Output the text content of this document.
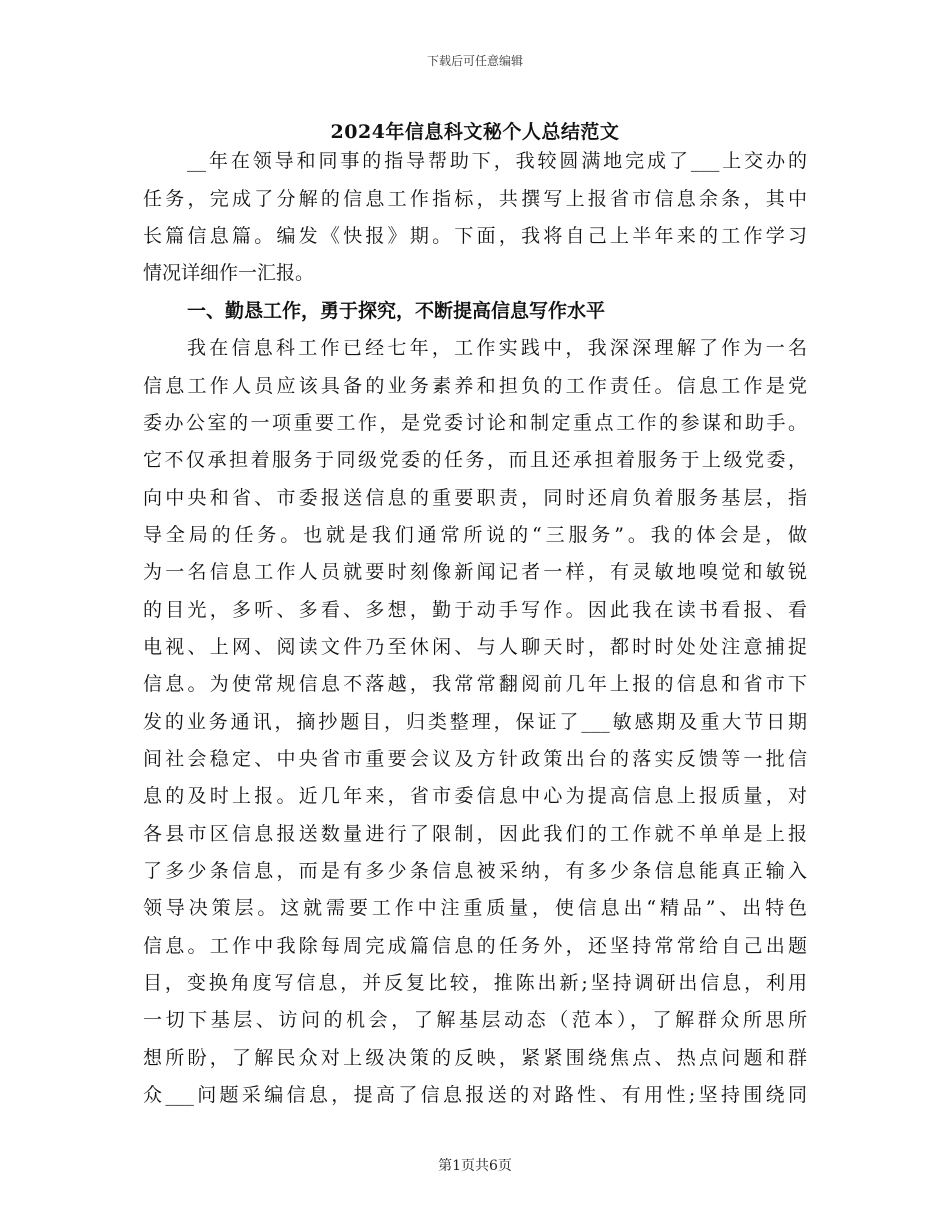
下载后可任意编辑
2024年信息科文秘个人总结范文
__年在领导和同事的指导帮助下，我较圆满地完成了___上交办的
任务，完成了分解的信息工作指标，共撰写上报省市信息余条，其中
长篇信息篇。编发《快报》期。下面，我将自己上半年来的工作学习
情况详细作一汇报。
一、勤恳工作，勇于探究，不断提高信息写作水平
我在信息科工作已经七年，工作实践中，我深深理解了作为一名
信息工作人员应该具备的业务素养和担负的工作责任。信息工作是党
委办公室的一项重要工作，是党委讨论和制定重点工作的参谋和助手。
它不仅承担着服务于同级党委的任务，而且还承担着服务于上级党委，
向中央和省、市委报送信息的重要职责，同时还肩负着服务基层，指
导全局的任务。也就是我们通常所说的“三服务”。我的体会是，做
为一名信息工作人员就要时刻像新闻记者一样，有灵敏地嗅觉和敏锐
的目光，多听、多看、多想，勤于动手写作。因此我在读书看报、看
电视、上网、阅读文件乃至休闲、与人聊天时，都时时处处注意捕捉
信息。为使常规信息不落越，我常常翻阅前几年上报的信息和省市下
发的业务通讯，摘抄题目，归类整理，保证了___敏感期及重大节日期
间社会稳定、中央省市重要会议及方针政策出台的落实反馈等一批信
息的及时上报。近几年来，省市委信息中心为提高信息上报质量，对
各县市区信息报送数量进行了限制，因此我们的工作就不单单是上报
了多少条信息，而是有多少条信息被采纳，有多少条信息能真正输入
领导决策层。这就需要工作中注重质量，使信息出“精品”、出特色
信息。工作中我除每周完成篇信息的任务外，还坚持常常给自己出题
目，变换角度写信息，并反复比较，推陈出新;坚持调研出信息，利用
一切下基层、访问的机会，了解基层动态（范本），了解群众所思所
想所盼，了解民众对上级决策的反映，紧紧围绕焦点、热点问题和群
众___问题采编信息，提高了信息报送的对路性、有用性;坚持围绕同
第1页共6页
